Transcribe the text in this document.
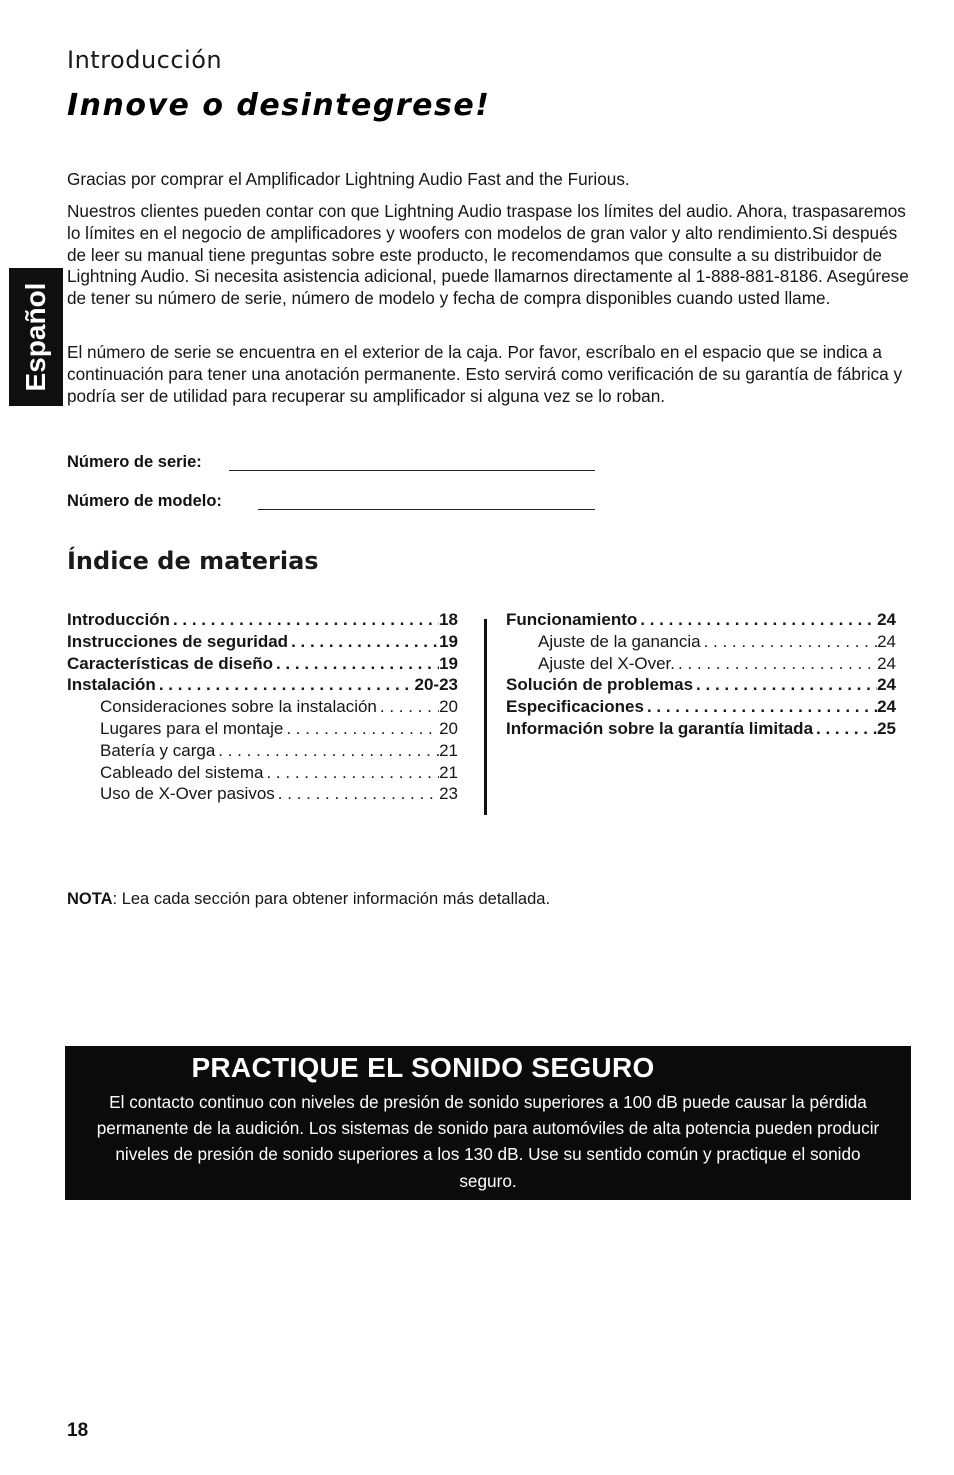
Español
Introducción
Innove o desintegrese!

Gracias por comprar el Amplificador Lightning Audio Fast and the Furious.

Nuestros clientes pueden contar con que Lightning Audio traspase los límites del audio. Ahora, traspasaremos lo límites en el negocio de amplificadores y woofers con modelos de gran valor y alto rendimiento.Si después de leer su manual tiene preguntas sobre este producto, le recomendamos que consulte a su distribuidor de Lightning Audio. Si necesita asistencia adicional, puede llamarnos directamente al 1-888-881-8186. Asegúrese de tener su número de serie, número de modelo y fecha de compra disponibles cuando usted llame.

El número de serie se encuentra en el exterior de la caja. Por favor, escríbalo en el espacio que se indica a continuación para tener una anotación permanente. Esto servirá como verificación de su garantía de fábrica y podría ser de utilidad para recuperar su amplificador si alguna vez se lo roban.

Número de serie:
Número de modelo:
Índice de materias
Introducción . . .	18
Instrucciones de seguridad . . .	19
Características de diseño . . .	19
Instalación . . .	20-23
Consideraciones sobre la instalación . . .	20
Lugares para el montaje . . .	20
Batería y carga . . .	21
Cableado del sistema . . .	21
Uso de X-Over pasivos . . .	23
Funcionamiento . . .	24
Ajuste de la ganancia . . .	24
Ajuste del X-Over. . . .	24
Solución de problemas . . .	24
Especificaciones . . .	24
Información sobre la garantía limitada . . .	25
NOTA: Lea cada sección para obtener información más detallada.
PRACTIQUE EL SONIDO SEGURO
El contacto continuo con niveles de presión de sonido superiores a 100 dB puede causar la pérdida permanente de la audición. Los sistemas de sonido para automóviles de alta potencia pueden producir niveles de presión de sonido superiores a los 130 dB. Use su sentido común y practique el sonido seguro.
18
